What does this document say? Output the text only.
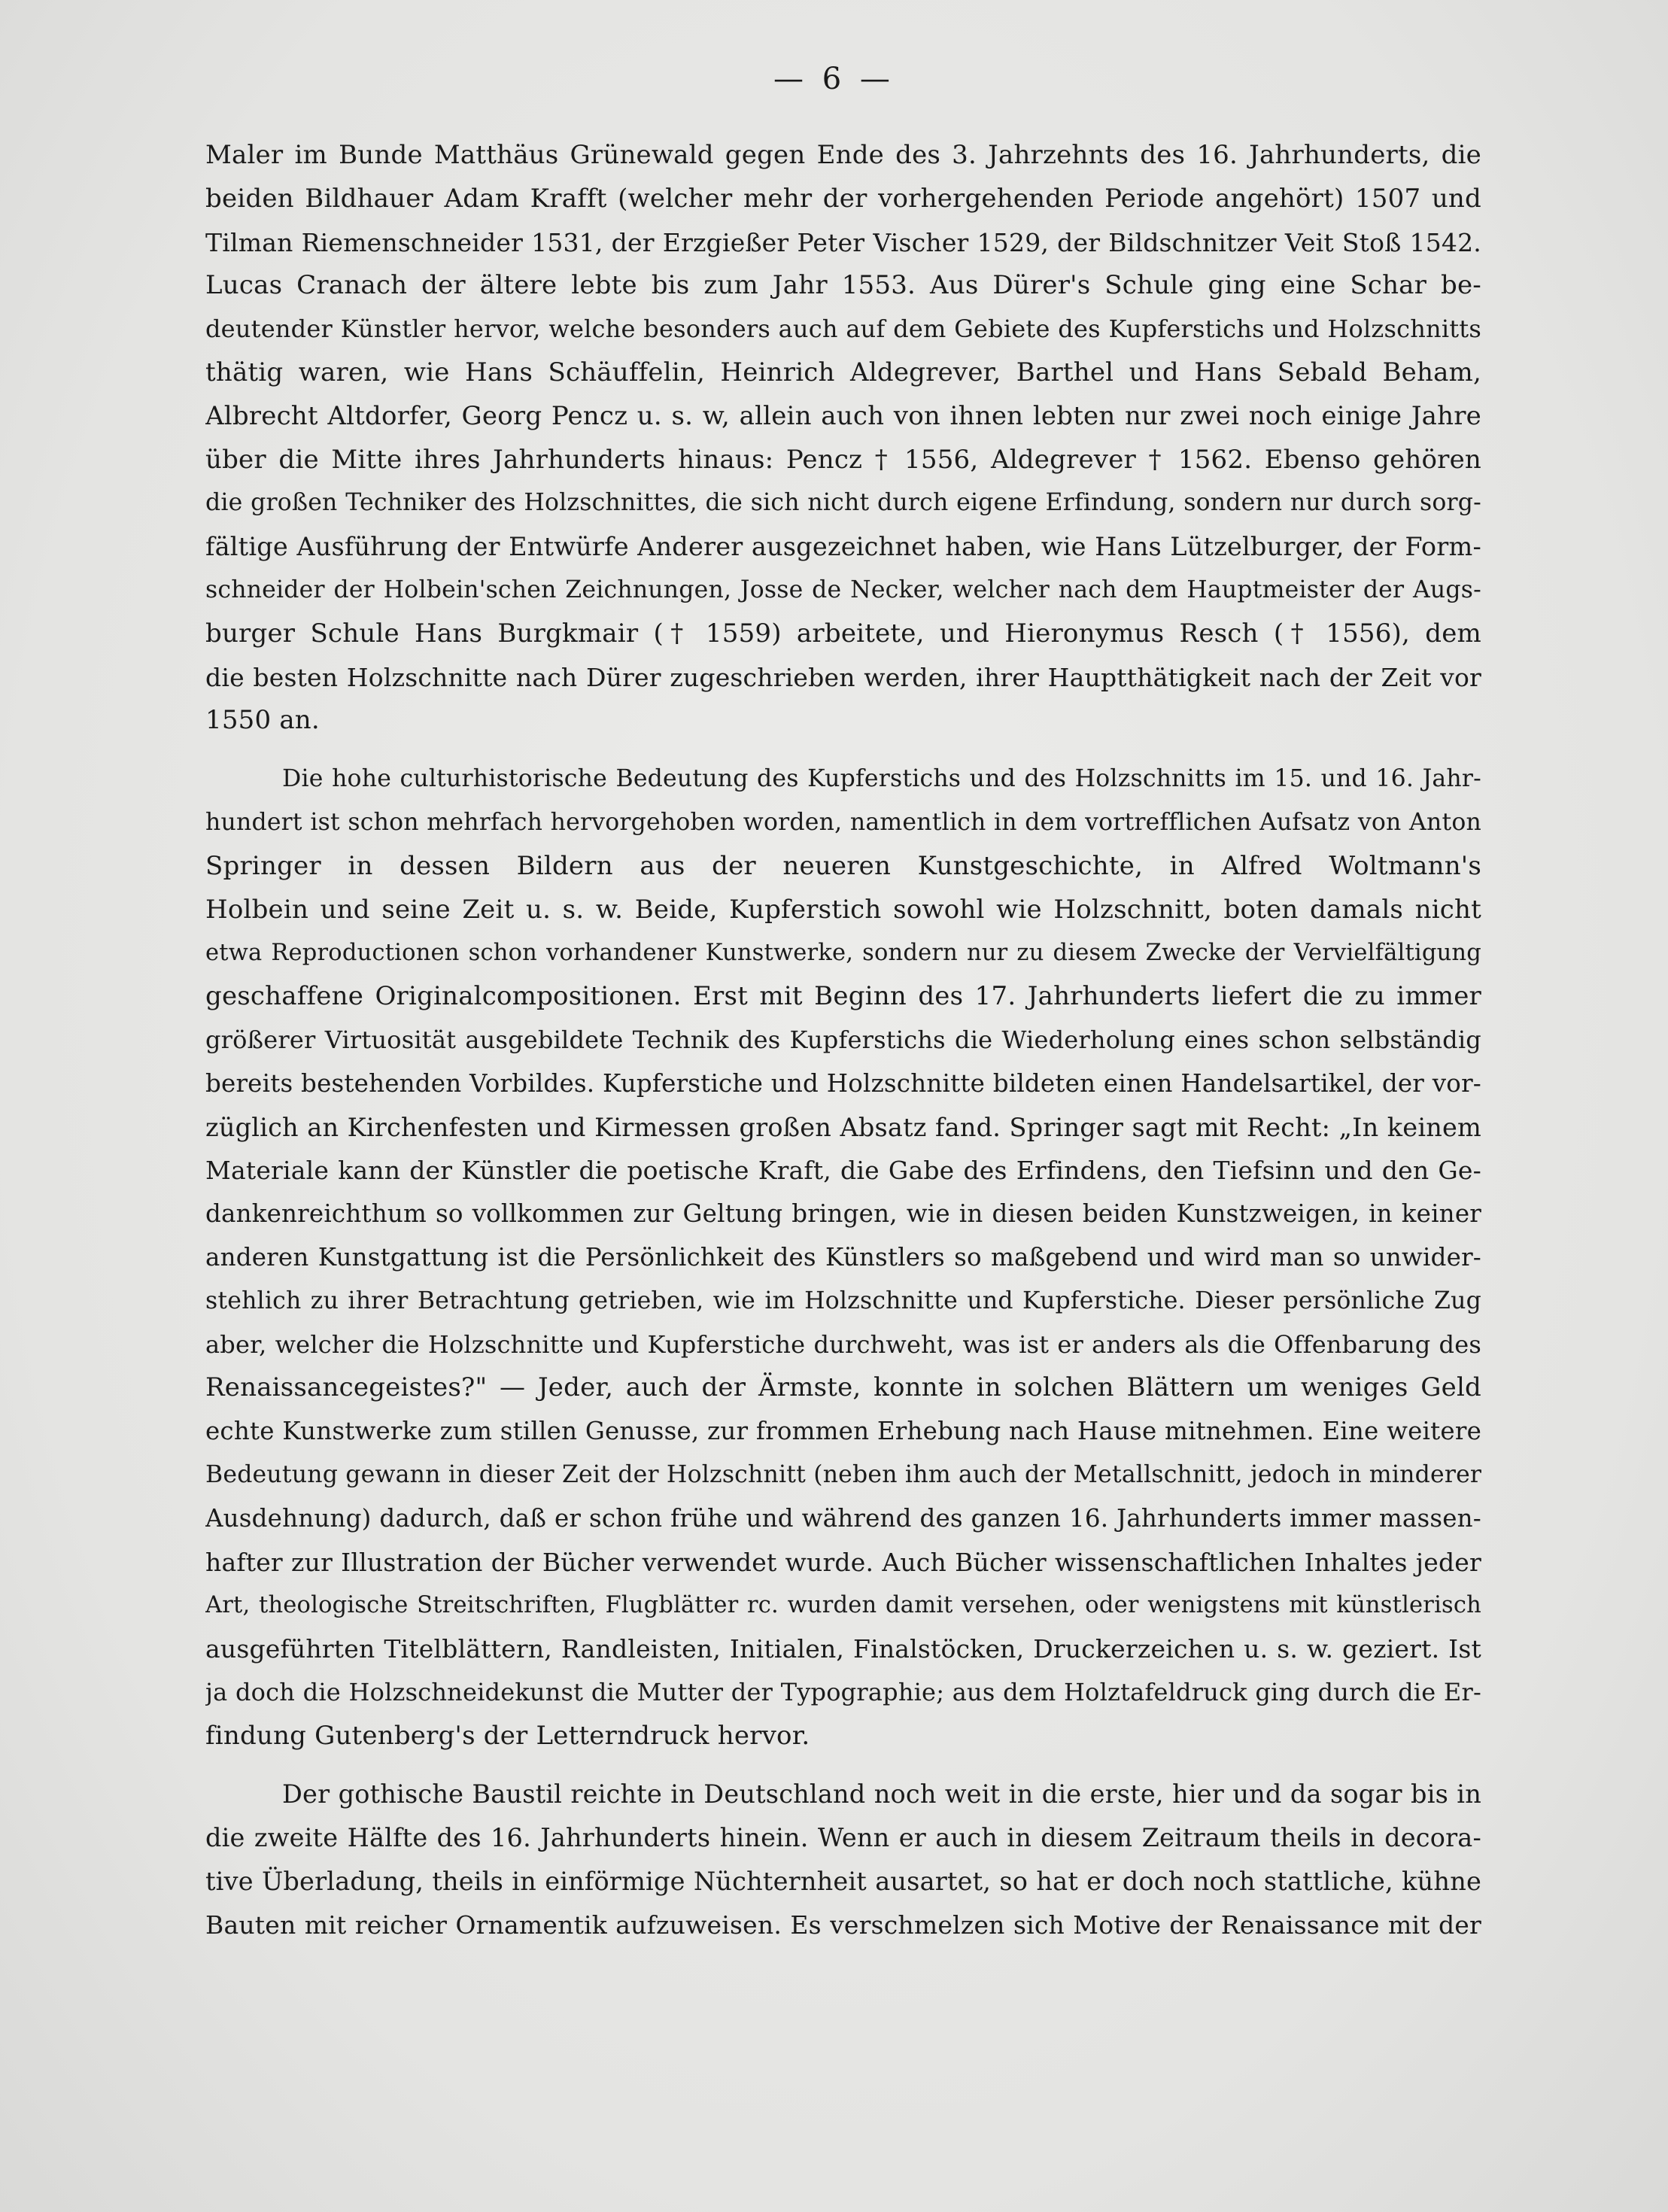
— 6 —
Maler im Bunde Matthäus Grünewald gegen Ende des 3. Jahrzehnts des 16. Jahrhunderts, die
beiden Bildhauer Adam Krafft (welcher mehr der vorhergehenden Periode angehört) 1507 und
Tilman Riemenschneider 1531, der Erzgießer Peter Vischer 1529, der Bildschnitzer Veit Stoß 1542.
Lucas Cranach der ältere lebte bis zum Jahr 1553. Aus Dürer's Schule ging eine Schar be-
deutender Künstler hervor, welche besonders auch auf dem Gebiete des Kupferstichs und Holzschnitts
thätig waren, wie Hans Schäuffelin, Heinrich Aldegrever, Barthel und Hans Sebald Beham,
Albrecht Altdorfer, Georg Pencz u. s. w, allein auch von ihnen lebten nur zwei noch einige Jahre
über die Mitte ihres Jahrhunderts hinaus: Pencz † 1556, Aldegrever † 1562. Ebenso gehören
die großen Techniker des Holzschnittes, die sich nicht durch eigene Erfindung, sondern nur durch sorg-
fältige Ausführung der Entwürfe Anderer ausgezeichnet haben, wie Hans Lützelburger, der Form-
schneider der Holbein'schen Zeichnungen, Josse de Necker, welcher nach dem Hauptmeister der Augs-
burger Schule Hans Burgkmair († 1559) arbeitete, und Hieronymus Resch († 1556), dem
die besten Holzschnitte nach Dürer zugeschrieben werden, ihrer Hauptthätigkeit nach der Zeit vor
1550 an.
Die hohe culturhistorische Bedeutung des Kupferstichs und des Holzschnitts im 15. und 16. Jahr-
hundert ist schon mehrfach hervorgehoben worden, namentlich in dem vortrefflichen Aufsatz von Anton
Springer in dessen Bildern aus der neueren Kunstgeschichte, in Alfred Woltmann's
Holbein und seine Zeit u. s. w. Beide, Kupferstich sowohl wie Holzschnitt, boten damals nicht
etwa Reproductionen schon vorhandener Kunstwerke, sondern nur zu diesem Zwecke der Vervielfältigung
geschaffene Originalcompositionen. Erst mit Beginn des 17. Jahrhunderts liefert die zu immer
größerer Virtuosität ausgebildete Technik des Kupferstichs die Wiederholung eines schon selbständig
bereits bestehenden Vorbildes. Kupferstiche und Holzschnitte bildeten einen Handelsartikel, der vor-
züglich an Kirchenfesten und Kirmessen großen Absatz fand. Springer sagt mit Recht: „In keinem
Materiale kann der Künstler die poetische Kraft, die Gabe des Erfindens, den Tiefsinn und den Ge-
dankenreichthum so vollkommen zur Geltung bringen, wie in diesen beiden Kunstzweigen, in keiner
anderen Kunstgattung ist die Persönlichkeit des Künstlers so maßgebend und wird man so unwider-
stehlich zu ihrer Betrachtung getrieben, wie im Holzschnitte und Kupferstiche. Dieser persönliche Zug
aber, welcher die Holzschnitte und Kupferstiche durchweht, was ist er anders als die Offenbarung des
Renaissancegeistes?" — Jeder, auch der Ärmste, konnte in solchen Blättern um weniges Geld
echte Kunstwerke zum stillen Genusse, zur frommen Erhebung nach Hause mitnehmen. Eine weitere
Bedeutung gewann in dieser Zeit der Holzschnitt (neben ihm auch der Metallschnitt, jedoch in minderer
Ausdehnung) dadurch, daß er schon frühe und während des ganzen 16. Jahrhunderts immer massen-
hafter zur Illustration der Bücher verwendet wurde. Auch Bücher wissenschaftlichen Inhaltes jeder
Art, theologische Streitschriften, Flugblätter rc. wurden damit versehen, oder wenigstens mit künstlerisch
ausgeführten Titelblättern, Randleisten, Initialen, Finalstöcken, Druckerzeichen u. s. w. geziert. Ist
ja doch die Holzschneidekunst die Mutter der Typographie; aus dem Holztafeldruck ging durch die Er-
findung Gutenberg's der Letterndruck hervor.
Der gothische Baustil reichte in Deutschland noch weit in die erste, hier und da sogar bis in
die zweite Hälfte des 16. Jahrhunderts hinein. Wenn er auch in diesem Zeitraum theils in decora-
tive Überladung, theils in einförmige Nüchternheit ausartet, so hat er doch noch stattliche, kühne
Bauten mit reicher Ornamentik aufzuweisen. Es verschmelzen sich Motive der Renaissance mit der
